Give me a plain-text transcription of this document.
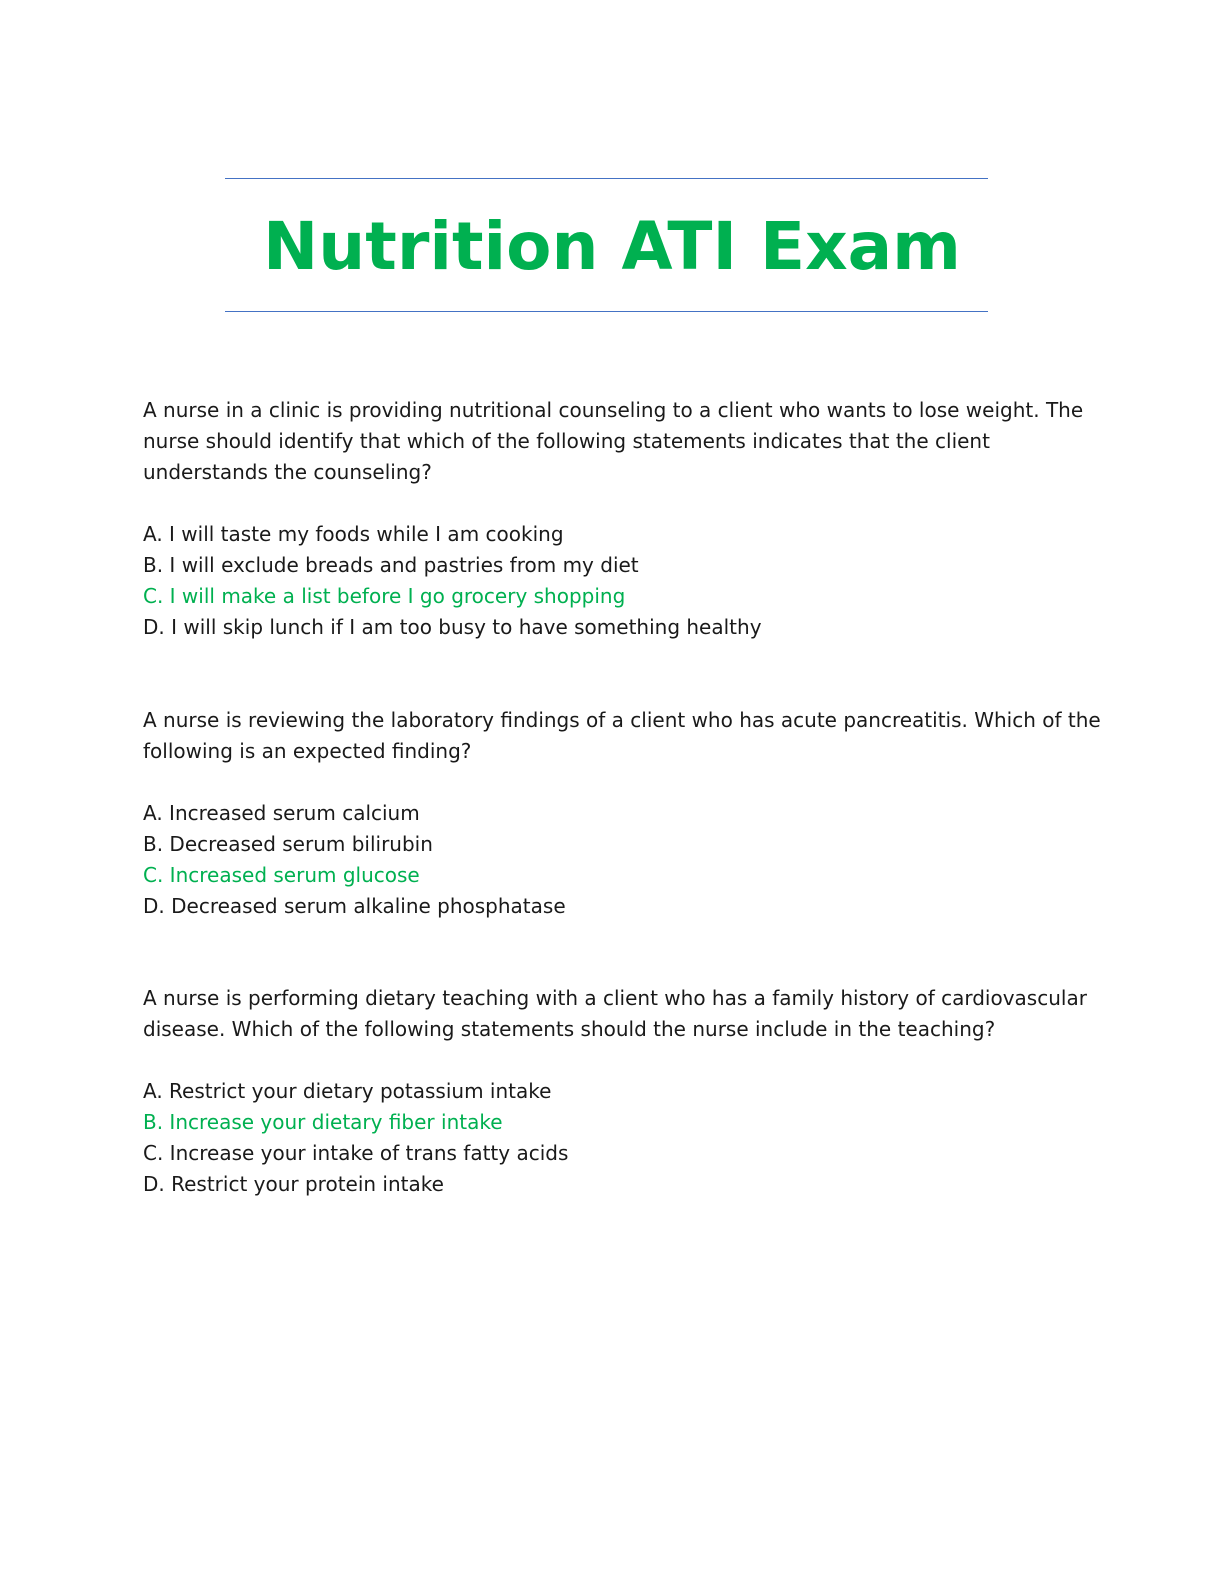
Nutrition ATI Exam

A nurse in a clinic is providing nutritional counseling to a client who wants to lose weight. The nurse should identify that which of the following statements indicates that the client understands the counseling?

A. I will taste my foods while I am cooking
B. I will exclude breads and pastries from my diet
C. I will make a list before I go grocery shopping
D. I will skip lunch if I am too busy to have something healthy

A nurse is reviewing the laboratory findings of a client who has acute pancreatitis. Which of the following is an expected finding?

A. Increased serum calcium
B. Decreased serum bilirubin
C. Increased serum glucose
D. Decreased serum alkaline phosphatase

A nurse is performing dietary teaching with a client who has a family history of cardiovascular disease. Which of the following statements should the nurse include in the teaching?

A. Restrict your dietary potassium intake
B. Increase your dietary fiber intake
C. Increase your intake of trans fatty acids
D. Restrict your protein intake
